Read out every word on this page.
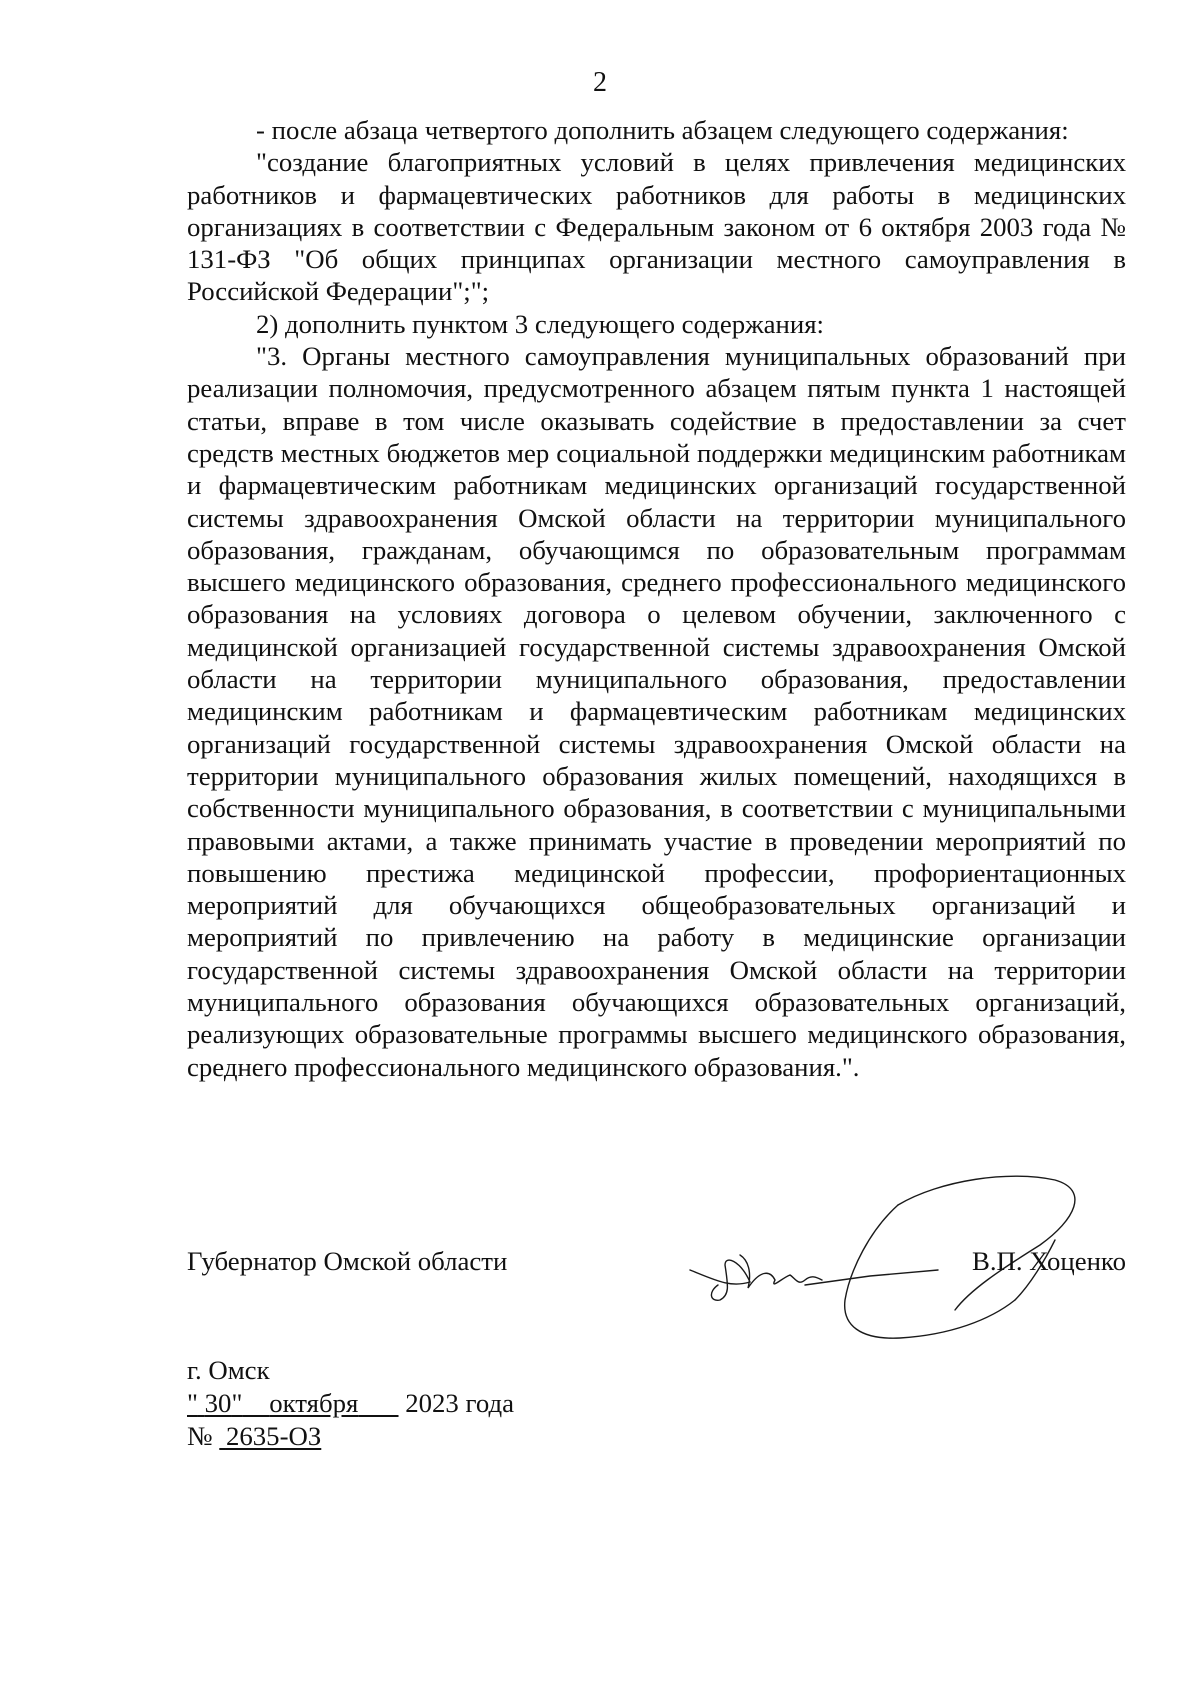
2

- после абзаца четвертого дополнить абзацем следующего содержания:

"создание благоприятных условий в целях привлечения медицинских работников и фармацевтических работников для работы в медицинских организациях в соответствии с Федеральным законом от 6 октября 2003 года № 131-ФЗ "Об общих принципах организации местного самоуправления в Российской Федерации";";

2) дополнить пунктом 3 следующего содержания:

"3. Органы местного самоуправления муниципальных образований при реализации полномочия, предусмотренного абзацем пятым пункта 1 настоящей статьи, вправе в том числе оказывать содействие в предоставлении за счет средств местных бюджетов мер социальной поддержки медицинским работникам и фармацевтическим работникам медицинских организаций государственной системы здравоохранения Омской области на территории муниципального образования, гражданам, обучающимся по образовательным программам высшего медицинского образования, среднего профессионального медицинского образования на условиях договора о целевом обучении, заключенного с медицинской организацией государственной системы здравоохранения Омской области на территории муниципального образования, предоставлении медицинским работникам и фармацевтическим работникам медицинских организаций государственной системы здравоохранения Омской области на территории муниципального образования жилых помещений, находящихся в собственности муниципального образования, в соответствии с муниципальными правовыми актами, а также принимать участие в проведении мероприятий по повышению престижа медицинской профессии, профориентационных мероприятий для обучающихся общеобразовательных организаций и мероприятий по привлечению на работу в медицинские организации государственной системы здравоохранения Омской области на территории муниципального образования обучающихся образовательных организаций, реализующих образовательные программы высшего медицинского образования, среднего профессионального медицинского образования.".

Губернатор Омской области	В.П. Хоценко
г. Омск
" 30" октября 2023 года
№ 2635-ОЗ
